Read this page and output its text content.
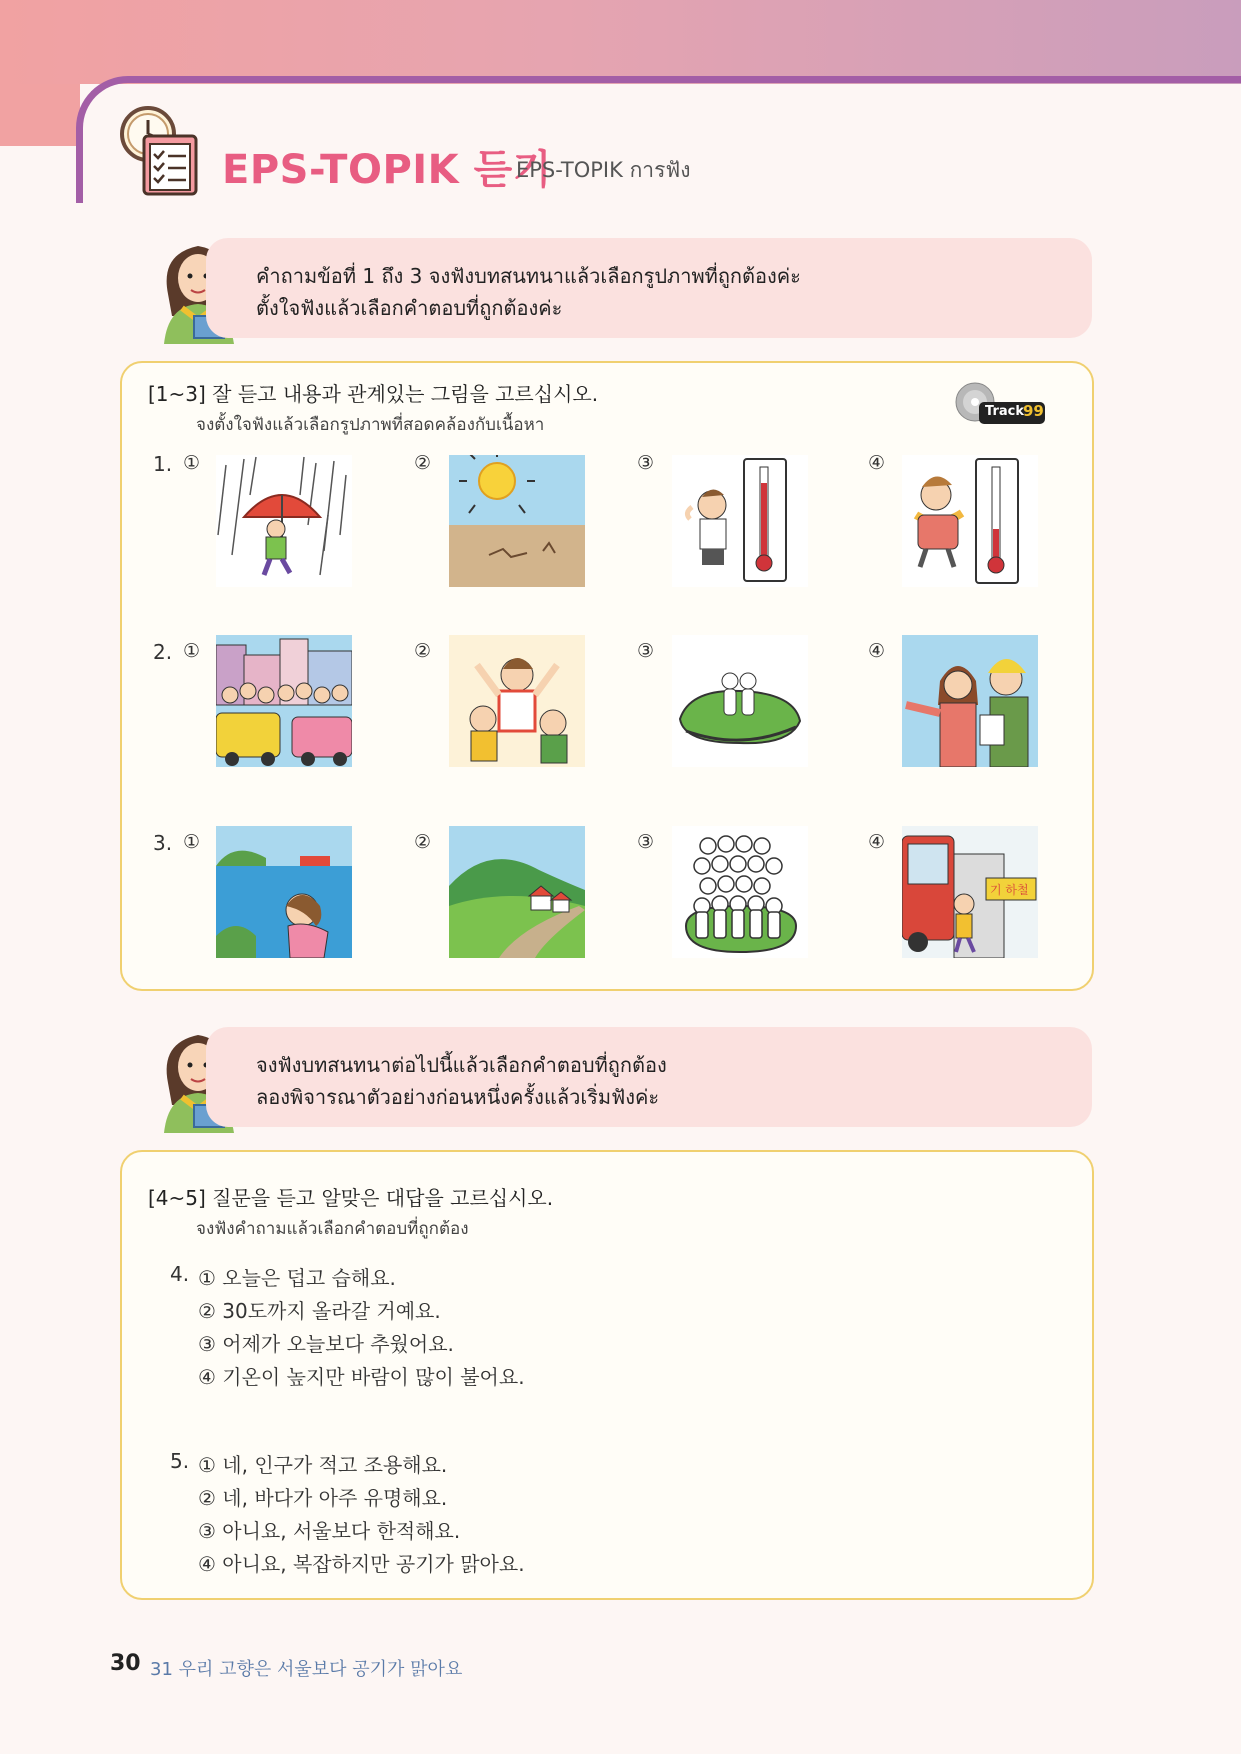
EPS-TOPIK 듣기
EPS-TOPIK การฟัง
คำถามข้อที่ 1 ถึง 3 จงฟังบทสนทนาแล้วเลือกรูปภาพที่ถูกต้องค่ะ
ตั้งใจฟังแล้วเลือกคำตอบที่ถูกต้องค่ะ
[1~3] 잘 듣고 내용과 관계있는 그림을 고르십시오.
จงตั้งใจฟังแล้วเลือกรูปภาพที่สอดคล้องกับเนื้อหา
Track 99
1.
2.
3.
①	②	③	④
①	②	③	④
①	②	③	④
기 하철
จงฟังบทสนทนาต่อไปนี้แล้วเลือกคำตอบที่ถูกต้อง
ลองพิจารณาตัวอย่างก่อนหนึ่งครั้งแล้วเริ่มฟังค่ะ
[4~5] 질문을 듣고 알맞은 대답을 고르십시오.
จงฟังคำถามแล้วเลือกคำตอบที่ถูกต้อง
4. ① 오늘은 덥고 습해요.
② 30도까지 올라갈 거예요.
③ 어제가 오늘보다 추웠어요.
④ 기온이 높지만 바람이 많이 불어요.
5. ① 네, 인구가 적고 조용해요.
② 네, 바다가 아주 유명해요.
③ 아니요, 서울보다 한적해요.
④ 아니요, 복잡하지만 공기가 맑아요.
30 31 우리 고향은 서울보다 공기가 맑아요
